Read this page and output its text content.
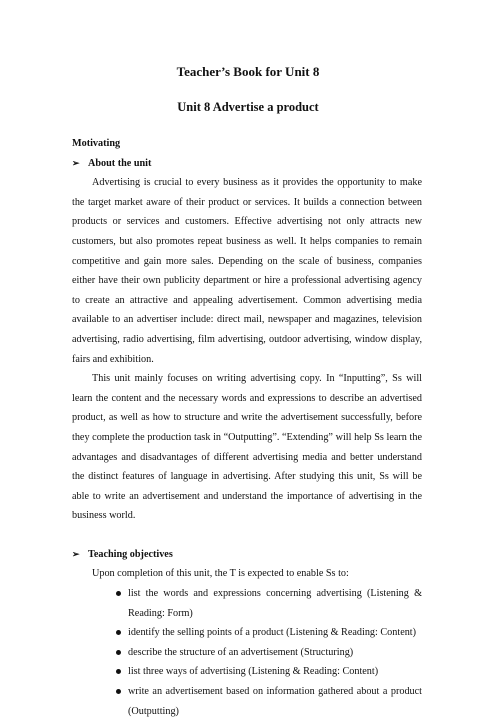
Teacher’s Book for Unit 8
Unit 8 Advertise a product
Motivating
➢ About the unit

Advertising is crucial to every business as it provides the opportunity to make the target market aware of their product or services. It builds a connection between products or services and customers. Effective advertising not only attracts new customers, but also promotes repeat business as well. It helps companies to remain competitive and gain more sales. Depending on the scale of business, companies either have their own publicity department or hire a professional advertising agency to create an attractive and appealing advertisement. Common advertising media available to an advertiser include: direct mail, newspaper and magazines, television advertising, radio advertising, film advertising, outdoor advertising, window display, fairs and exhibition.

This unit mainly focuses on writing advertising copy. In “Inputting”, Ss will learn the content and the necessary words and expressions to describe an advertised product, as well as how to structure and write the advertisement successfully, before they complete the production task in “Outputting”. “Extending” will help Ss learn the advantages and disadvantages of different advertising media and better understand the distinct features of language in advertising. After studying this unit, Ss will be able to write an advertisement and understand the importance of advertising in the business world.

➢ Teaching objectives
Upon completion of this unit, the T is expected to enable Ss to:
list the words and expressions concerning advertising (Listening & Reading: Form)
identify the selling points of a product (Listening & Reading: Content)
describe the structure of an advertisement (Structuring)
list three ways of advertising (Listening & Reading: Content)
write an advertisement based on information gathered about a product (Outputting)
